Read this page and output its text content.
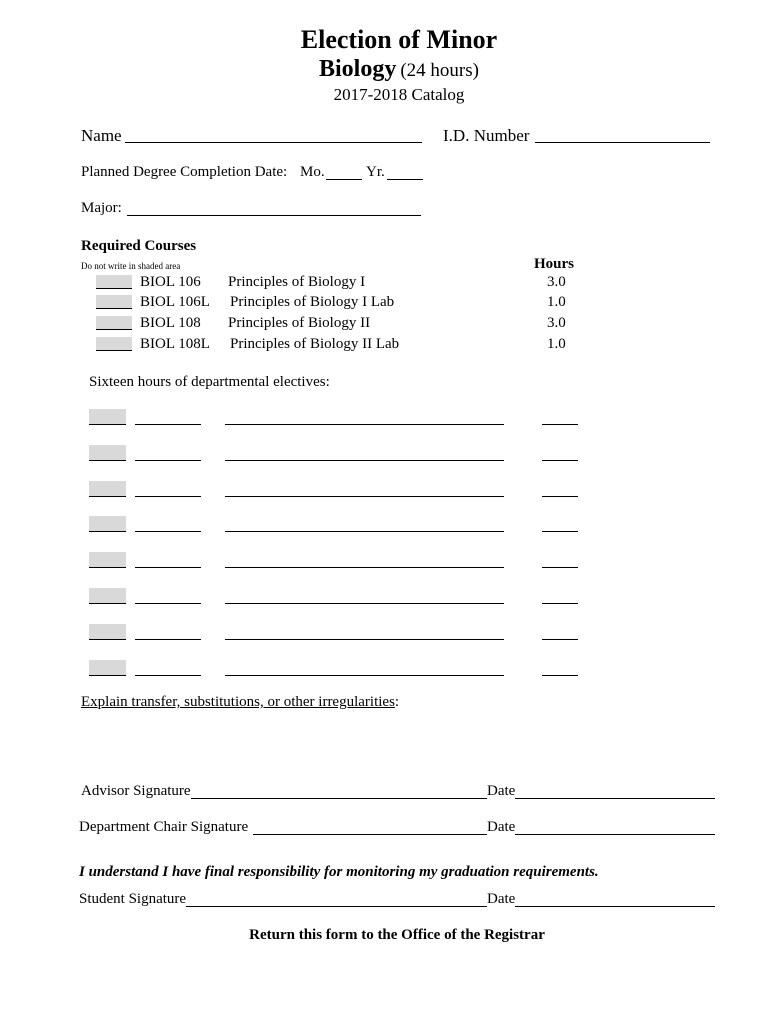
Election of Minor
Biology (24 hours)
2017-2018 Catalog
Name	I.D. Number
Planned Degree Completion Date: Mo.	Yr.
Major:
Required Courses
Do not write in shaded area	Hours
BIOL 106 Principles of Biology I	3.0
BIOL 106L Principles of Biology I Lab	1.0
BIOL 108 Principles of Biology II	3.0
BIOL 108L Principles of Biology II Lab	1.0
Sixteen hours of departmental electives:
Explain transfer, substitutions, or other irregularities:
Advisor Signature	Date
Department Chair Signature	Date
I understand I have final responsibility for monitoring my graduation requirements.
Student Signature	Date
Return this form to the Office of the Registrar
